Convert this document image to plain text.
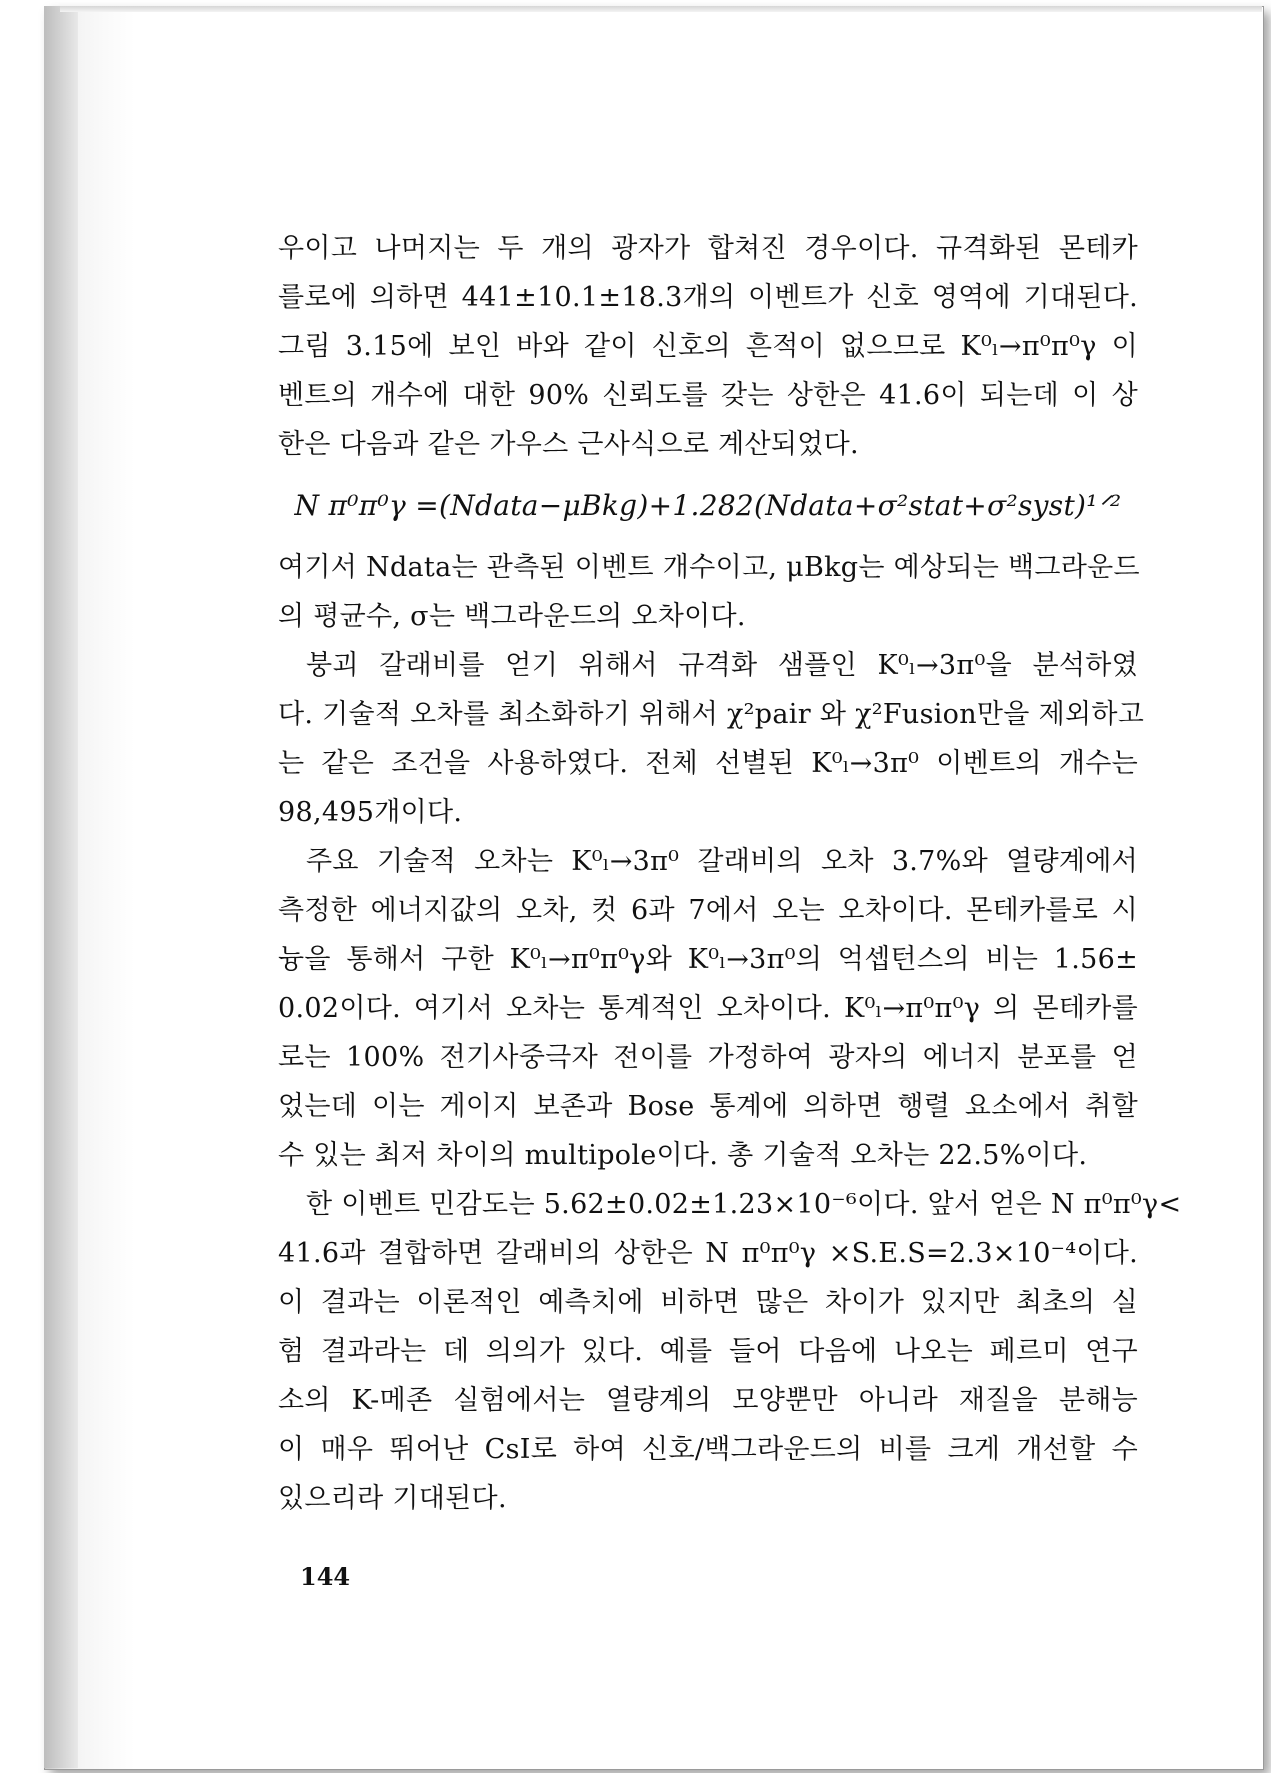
우이고 나머지는 두 개의 광자가 합쳐진 경우이다. 규격화된 몬테카
를로에 의하면 441±10.1±18.3개의 이벤트가 신호 영역에 기대된다.
그림 3.15에 보인 바와 같이 신호의 흔적이 없으므로 K⁰ₗ→π⁰π⁰γ 이
벤트의 개수에 대한 90% 신뢰도를 갖는 상한은 41.6이 되는데 이 상
한은 다음과 같은 가우스 근사식으로 계산되었다.
N π⁰π⁰γ =(Ndata−μBkg)+1.282(Ndata+σ²stat+σ²syst)¹ᐟ²
여기서 Ndata는 관측된 이벤트 개수이고, μBkg는 예상되는 백그라운드
의 평균수, σ는 백그라운드의 오차이다.
붕괴 갈래비를 얻기 위해서 규격화 샘플인 K⁰ₗ→3π⁰을 분석하였
다. 기술적 오차를 최소화하기 위해서 χ²pair 와 χ²Fusion만을 제외하고
는 같은 조건을 사용하였다. 전체 선별된 K⁰ₗ→3π⁰ 이벤트의 개수는
98,495개이다.
주요 기술적 오차는 K⁰ₗ→3π⁰ 갈래비의 오차 3.7%와 열량계에서
측정한 에너지값의 오차, 컷 6과 7에서 오는 오차이다. 몬테카를로 시
늉을 통해서 구한 K⁰ₗ→π⁰π⁰γ와 K⁰ₗ→3π⁰의 억셉턴스의 비는 1.56±
0.02이다. 여기서 오차는 통계적인 오차이다. K⁰ₗ→π⁰π⁰γ 의 몬테카를
로는 100% 전기사중극자 전이를 가정하여 광자의 에너지 분포를 얻
었는데 이는 게이지 보존과 Bose 통계에 의하면 행렬 요소에서 취할
수 있는 최저 차이의 multipole이다. 총 기술적 오차는 22.5%이다.
한 이벤트 민감도는 5.62±0.02±1.23×10⁻⁶이다. 앞서 얻은 N π⁰π⁰γ<
41.6과 결합하면 갈래비의 상한은 N π⁰π⁰γ ×S.E.S=2.3×10⁻⁴이다.
이 결과는 이론적인 예측치에 비하면 많은 차이가 있지만 최초의 실
험 결과라는 데 의의가 있다. 예를 들어 다음에 나오는 페르미 연구
소의 K-메존 실험에서는 열량계의 모양뿐만 아니라 재질을 분해능
이 매우 뛰어난 CsI로 하여 신호/백그라운드의 비를 크게 개선할 수
있으리라 기대된다.
144
